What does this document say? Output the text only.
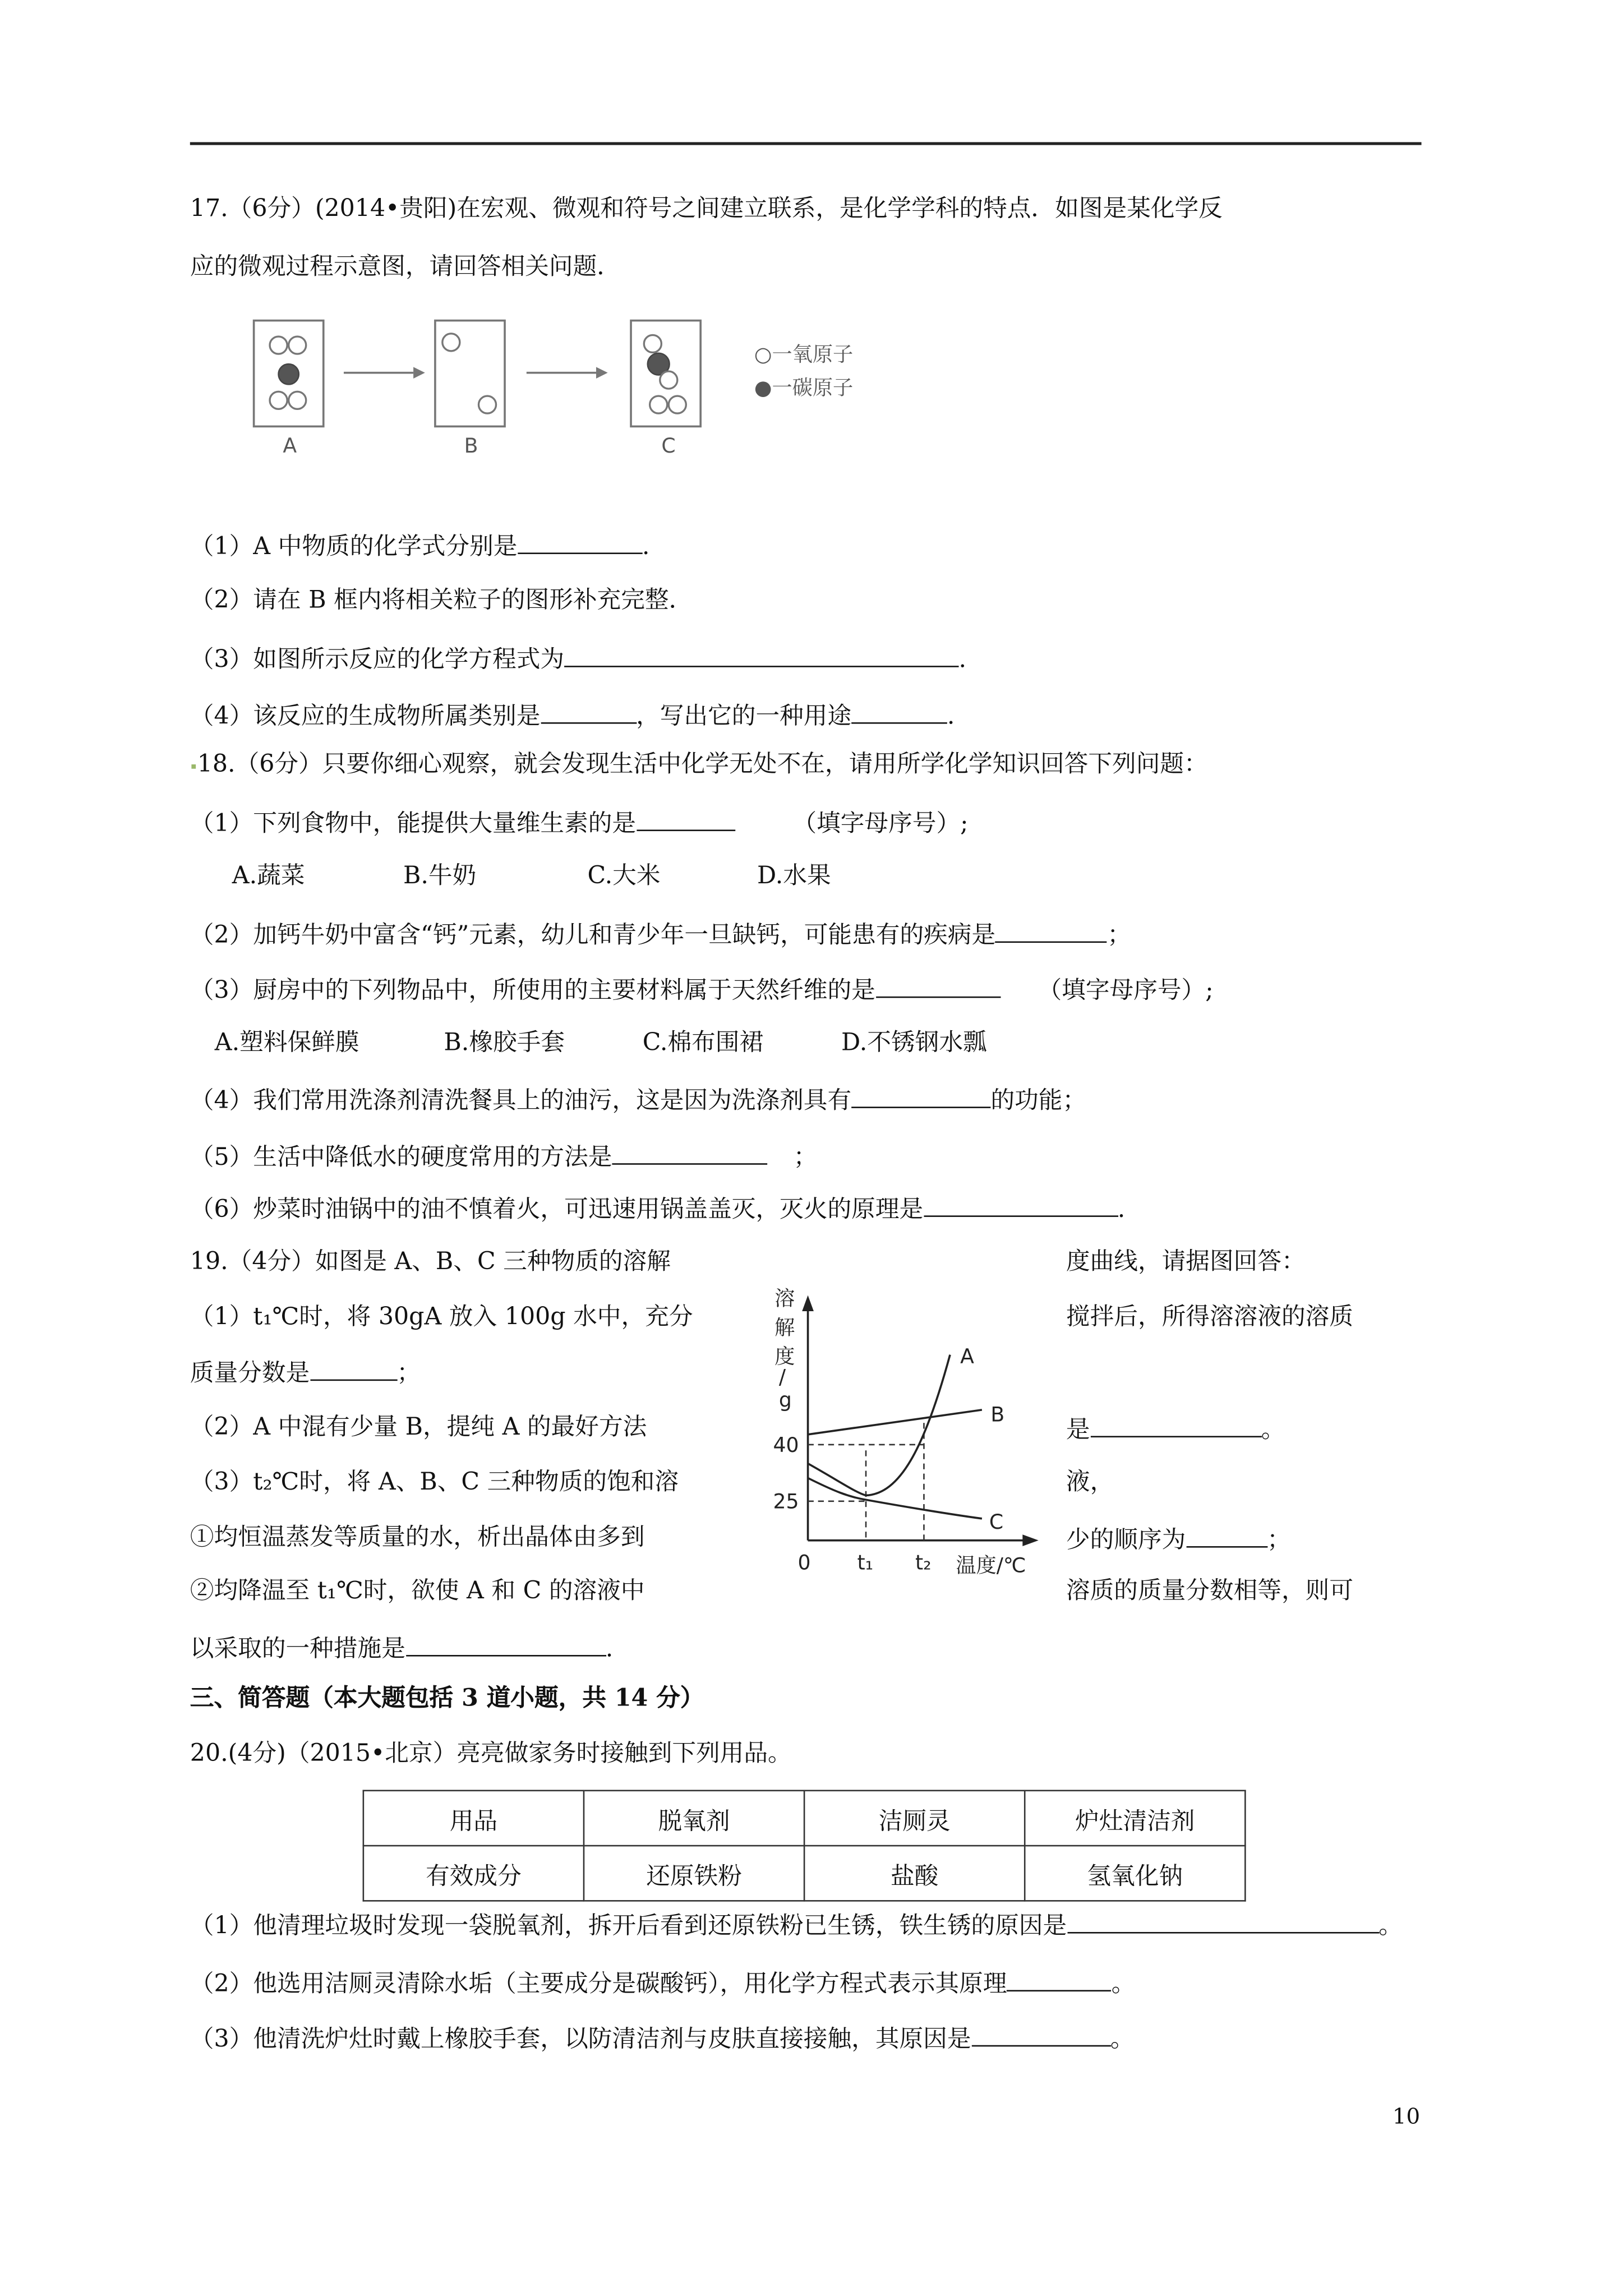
17.（6分）(2014•贵阳)在宏观、微观和符号之间建立联系，是化学学科的特点．如图是某化学反
应的微观过程示意图，请回答相关问题．
A	B	C
○一氧原子
●一碳原子
（1）A 中物质的化学式分别是	.
（2）请在 B 框内将相关粒子的图形补充完整．
（3）如图所示反应的化学方程式为	.
（4）该反应的生成物所属类别是	，写出它的一种用途	.
18.（6分）只要你细心观察，就会发现生活中化学无处不在，请用所学化学知识回答下列问题：
（1）下列食物中，能提供大量维生素的是	（填字母序号）;
A.蔬菜	B.牛奶	C.大米	D.水果
（2）加钙牛奶中富含“钙”元素，幼儿和青少年一旦缺钙，可能患有的疾病是	；
（3）厨房中的下列物品中，所使用的主要材料属于天然纤维的是	（填字母序号）;
A.塑料保鲜膜	B.橡胶手套	C.棉布围裙	D.不锈钢水瓢
（4）我们常用洗涤剂清洗餐具上的油污，这是因为洗涤剂具有	的功能；
（5）生活中降低水的硬度常用的方法是	；
（6）炒菜时油锅中的油不慎着火，可迅速用锅盖盖灭，灭火的原理是	.
19.（4分）如图是 A、B、C 三种物质的溶解	度曲线，请据图回答：
（1）t₁℃时，将 30gA 放入 100g 水中，充分	搅拌后，所得溶溶液的溶质
质量分数是	；
（2）A 中混有少量 B，提纯 A 的最好方法	是	。
（3）t₂℃时，将 A、B、C 三种物质的饱和溶	液，
①均恒温蒸发等质量的水，析出晶体由多到	少的顺序为	；
②均降温至 t₁℃时，欲使 A 和 C 的溶液中	溶质的质量分数相等，则可
以采取的一种措施是	.
溶
解
度
/
g
A
B
C
40
25
0	t₁	t₂	温度/℃
三、简答题（本大题包括 3 道小题，共 14 分）
20.(4分)（2015•北京）亮亮做家务时接触到下列用品。
用品	脱氧剂	洁厕灵	炉灶清洁剂
有效成分	还原铁粉	盐酸	氢氧化钠
（1）他清理垃圾时发现一袋脱氧剂，拆开后看到还原铁粉已生锈，铁生锈的原因是	。
（2）他选用洁厕灵清除水垢（主要成分是碳酸钙），用化学方程式表示其原理	。
（3）他清洗炉灶时戴上橡胶手套，以防清洁剂与皮肤直接接触，其原因是	。
10
